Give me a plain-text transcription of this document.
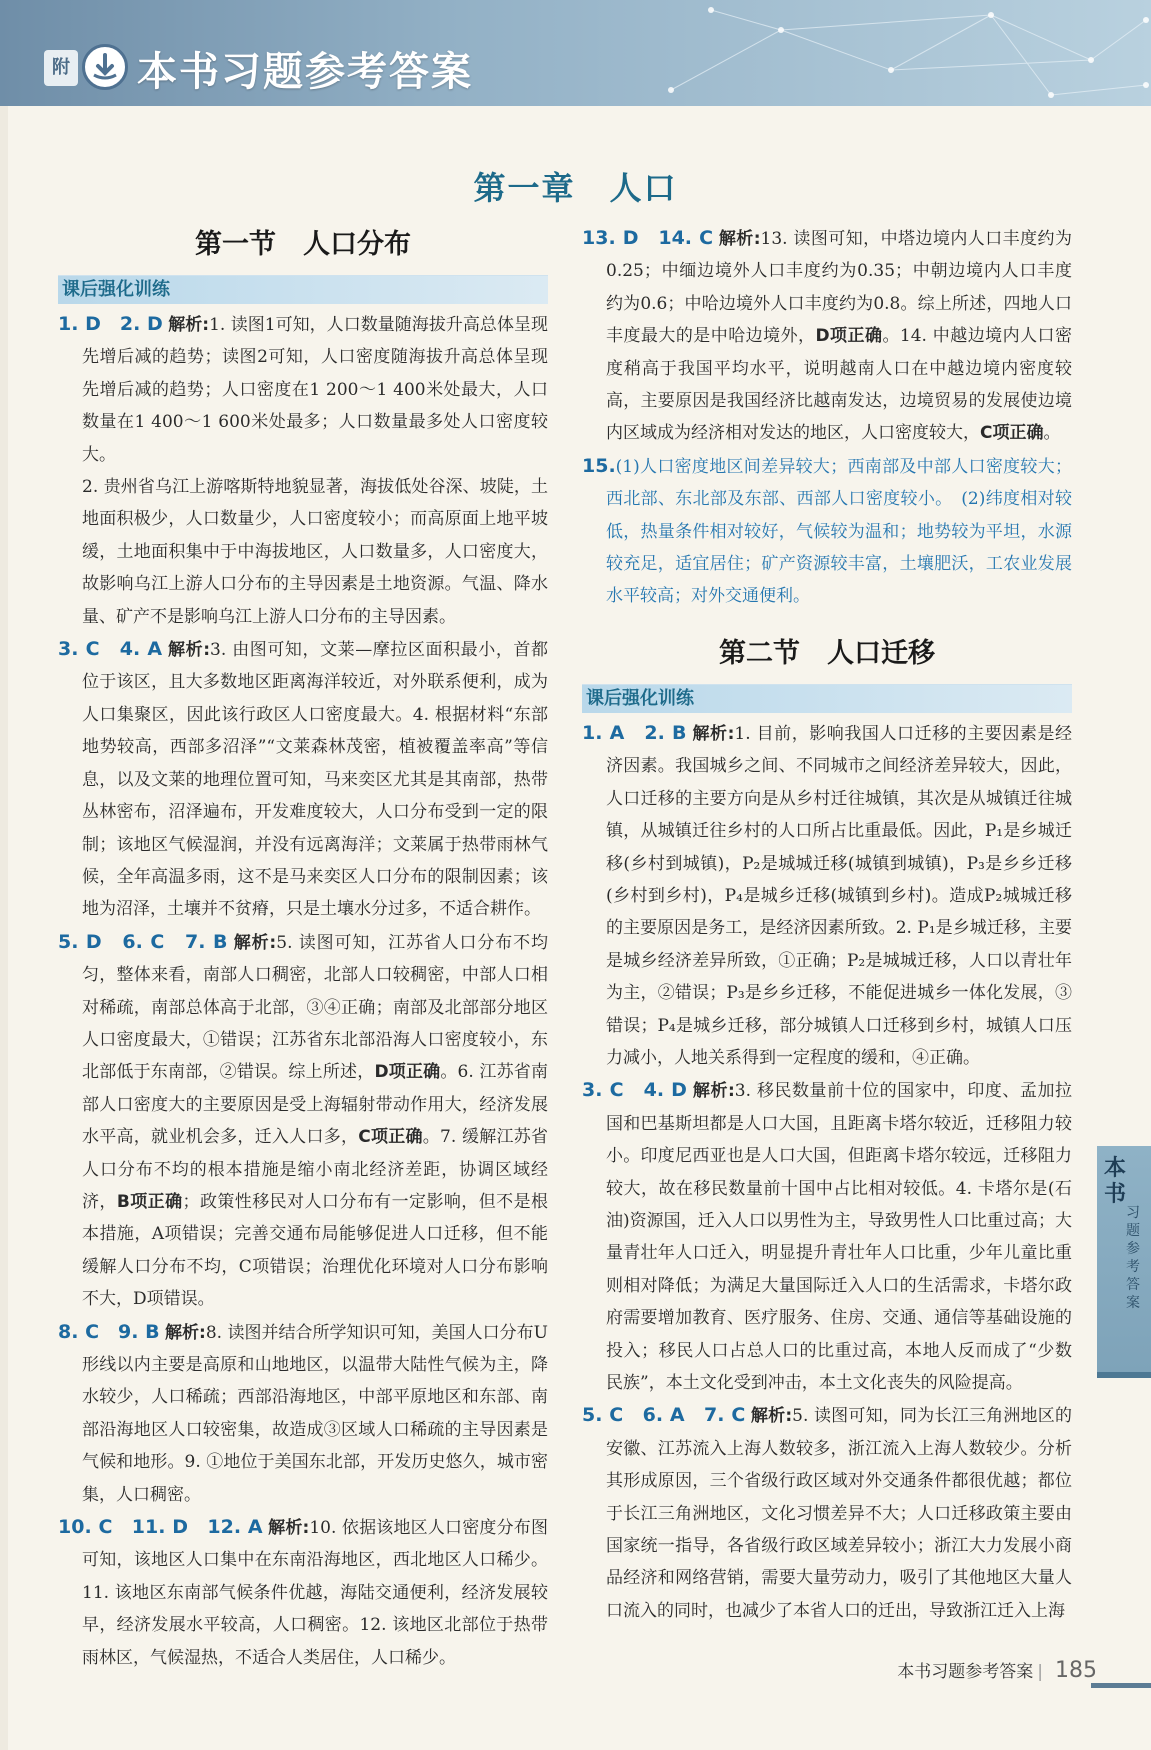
附 本书习题参考答案
第一章　人口
第一节　人口分布
课后强化训练

1. D　2. D 解析:1. 读图1可知，人口数量随海拔升高总体呈现先增后减的趋势；读图2可知，人口密度随海拔升高总体呈现先增后减的趋势；人口密度在1 200～1 400米处最大，人口数量在1 400～1 600米处最多；人口数量最多处人口密度较大。

2. 贵州省乌江上游喀斯特地貌显著，海拔低处谷深、坡陡，土地面积极少，人口数量少，人口密度较小；而高原面上地平坡缓，土地面积集中于中海拔地区，人口数量多，人口密度大，故影响乌江上游人口分布的主导因素是土地资源。气温、降水量、矿产不是影响乌江上游人口分布的主导因素。

3. C　4. A 解析:3. 由图可知，文莱—摩拉区面积最小，首都位于该区，且大多数地区距离海洋较近，对外联系便利，成为人口集聚区，因此该行政区人口密度最大。4. 根据材料“东部地势较高，西部多沼泽”“文莱森林茂密，植被覆盖率高”等信息，以及文莱的地理位置可知，马来奕区尤其是其南部，热带丛林密布，沼泽遍布，开发难度较大，人口分布受到一定的限制；该地区气候湿润，并没有远离海洋；文莱属于热带雨林气候，全年高温多雨，这不是马来奕区人口分布的限制因素；该地为沼泽，土壤并不贫瘠，只是土壤水分过多，不适合耕作。

5. D　6. C　7. B 解析:5. 读图可知，江苏省人口分布不均匀，整体来看，南部人口稠密，北部人口较稠密，中部人口相对稀疏，南部总体高于北部，③④正确；南部及北部部分地区人口密度最大，①错误；江苏省东北部沿海人口密度较小，东北部低于东南部，②错误。综上所述，D项正确。6. 江苏省南部人口密度大的主要原因是受上海辐射带动作用大，经济发展水平高，就业机会多，迁入人口多，C项正确。7. 缓解江苏省人口分布不均的根本措施是缩小南北经济差距，协调区域经济，B项正确；政策性移民对人口分布有一定影响，但不是根本措施，A项错误；完善交通布局能够促进人口迁移，但不能缓解人口分布不均，C项错误；治理优化环境对人口分布影响不大，D项错误。

8. C　9. B 解析:8. 读图并结合所学知识可知，美国人口分布U形线以内主要是高原和山地地区，以温带大陆性气候为主，降水较少，人口稀疏；西部沿海地区，中部平原地区和东部、南部沿海地区人口较密集，故造成③区域人口稀疏的主导因素是气候和地形。9. ①地位于美国东北部，开发历史悠久，城市密集，人口稠密。

10. C　11. D　12. A 解析:10. 依据该地区人口密度分布图可知，该地区人口集中在东南沿海地区，西北地区人口稀少。11. 该地区东南部气候条件优越，海陆交通便利，经济发展较早，经济发展水平较高，人口稠密。12. 该地区北部位于热带雨林区，气候湿热，不适合人类居住，人口稀少。

13. D　14. C 解析:13. 读图可知，中塔边境内人口丰度约为0.25；中缅边境外人口丰度约为0.35；中朝边境内人口丰度约为0.6；中哈边境外人口丰度约为0.8。综上所述，四地人口丰度最大的是中哈边境外，D项正确。14. 中越边境内人口密度稍高于我国平均水平，说明越南人口在中越边境内密度较高，主要原因是我国经济比越南发达，边境贸易的发展使边境内区域成为经济相对发达的地区，人口密度较大，C项正确。

15.(1)人口密度地区间差异较大；西南部及中部人口密度较大；西北部、东北部及东部、西部人口密度较小。　(2)纬度相对较低，热量条件相对较好，气候较为温和；地势较为平坦，水源较充足，适宜居住；矿产资源较丰富，土壤肥沃，工农业发展水平较高；对外交通便利。

第二节　人口迁移
课后强化训练

1. A　2. B 解析:1. 目前，影响我国人口迁移的主要因素是经济因素。我国城乡之间、不同城市之间经济差异较大，因此，人口迁移的主要方向是从乡村迁往城镇，其次是从城镇迁往城镇，从城镇迁往乡村的人口所占比重最低。因此，P₁是乡城迁移(乡村到城镇)，P₂是城城迁移(城镇到城镇)，P₃是乡乡迁移(乡村到乡村)，P₄是城乡迁移(城镇到乡村)。造成P₂城城迁移的主要原因是务工，是经济因素所致。2. P₁是乡城迁移，主要是城乡经济差异所致，①正确；P₂是城城迁移，人口以青壮年为主，②错误；P₃是乡乡迁移，不能促进城乡一体化发展，③错误；P₄是城乡迁移，部分城镇人口迁移到乡村，城镇人口压力减小，人地关系得到一定程度的缓和，④正确。

3. C　4. D 解析:3. 移民数量前十位的国家中，印度、孟加拉国和巴基斯坦都是人口大国，且距离卡塔尔较近，迁移阻力较小。印度尼西亚也是人口大国，但距离卡塔尔较远，迁移阻力较大，故在移民数量前十国中占比相对较低。4. 卡塔尔是(石油)资源国，迁入人口以男性为主，导致男性人口比重过高；大量青壮年人口迁入，明显提升青壮年人口比重，少年儿童比重则相对降低；为满足大量国际迁入人口的生活需求，卡塔尔政府需要增加教育、医疗服务、住房、交通、通信等基础设施的投入；移民人口占总人口的比重过高，本地人反而成了“少数民族”，本土文化受到冲击，本土文化丧失的风险提高。

5. C　6. A　7. C 解析:5. 读图可知，同为长江三角洲地区的安徽、江苏流入上海人数较多，浙江流入上海人数较少。分析其形成原因，三个省级行政区域对外交通条件都很优越；都位于长江三角洲地区，文化习惯差异不大；人口迁移政策主要由国家统一指导，各省级行政区域差异较小；浙江大力发展小商品经济和网络营销，需要大量劳动力，吸引了其他地区大量人口流入的同时，也减少了本省人口的迁出，导致浙江迁入上海

本书
习题参考答案
本书习题参考答案 | 185
